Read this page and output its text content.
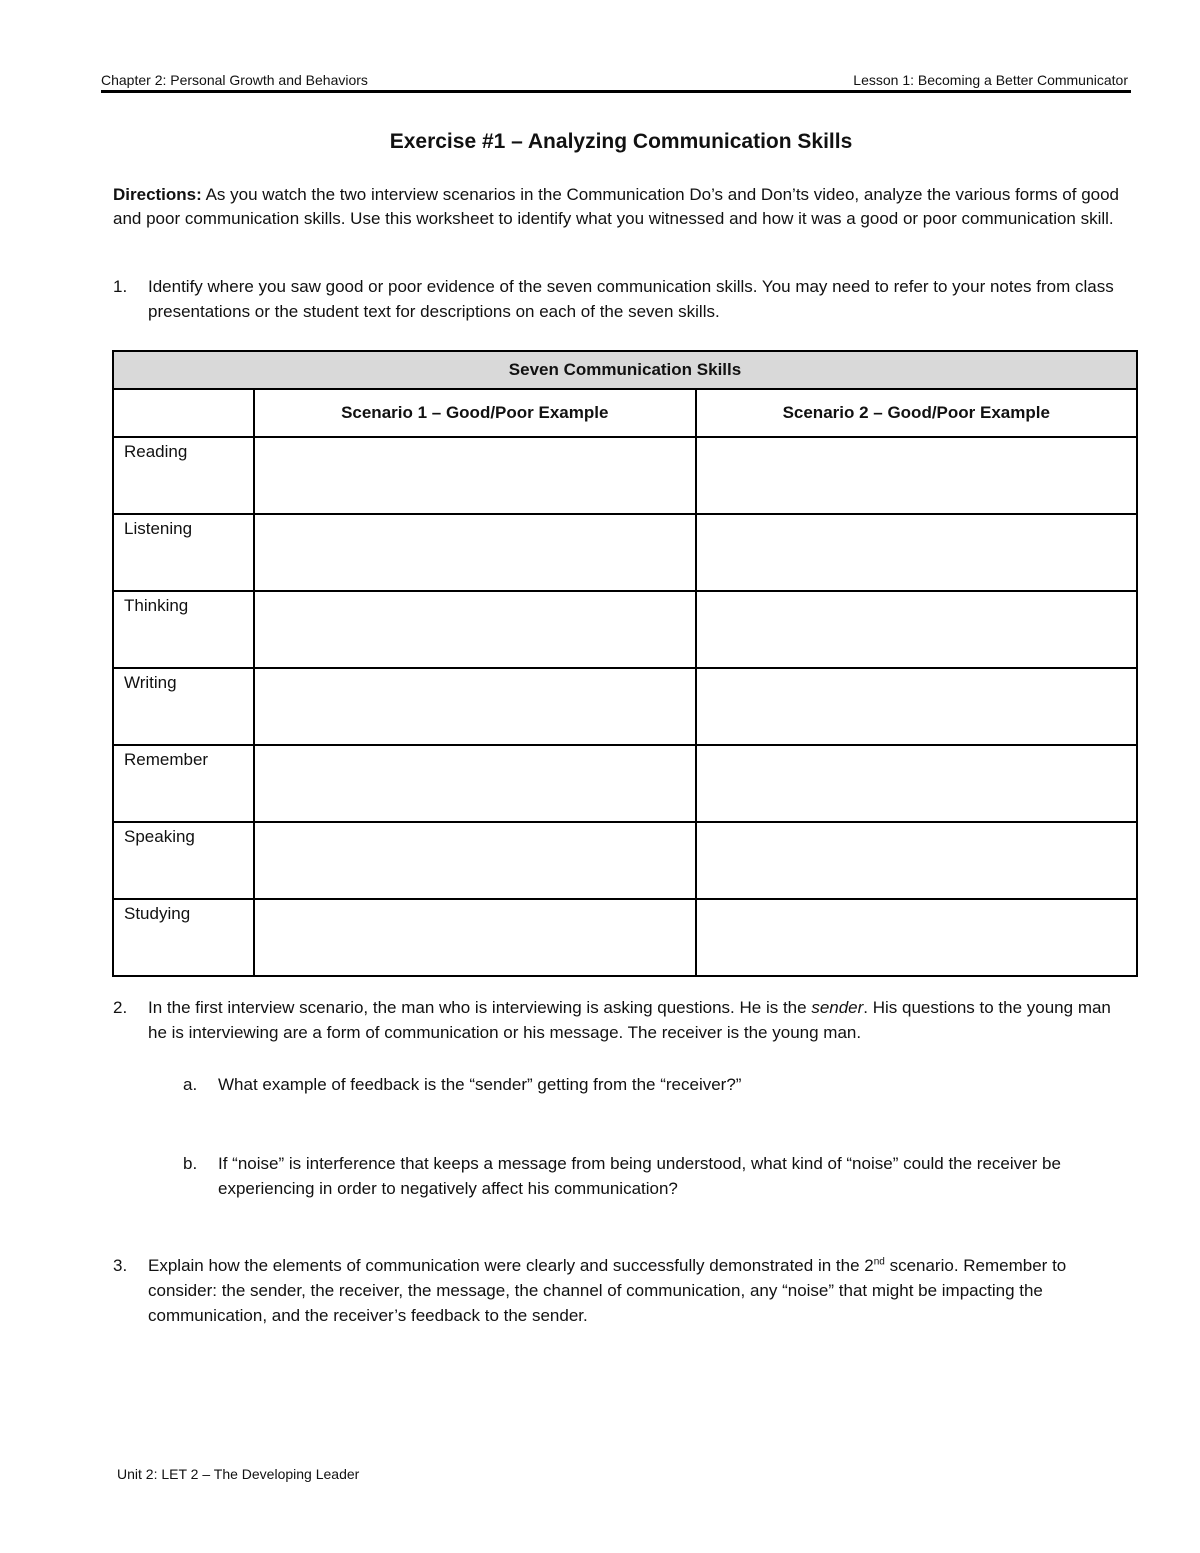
Chapter 2: Personal Growth and Behaviors	Lesson 1: Becoming a Better Communicator
Exercise #1 – Analyzing Communication Skills
Directions: As you watch the two interview scenarios in the Communication Do’s and Don’ts video, analyze the various forms of good and poor communication skills. Use this worksheet to identify what you witnessed and how it was a good or poor communication skill.
1. Identify where you saw good or poor evidence of the seven communication skills. You may need to refer to your notes from class presentations or the student text for descriptions on each of the seven skills.
Seven Communication Skills		
	Scenario 1 – Good/Poor Example	Scenario 2 – Good/Poor Example
Reading		
Listening		
Thinking		
Writing		
Remember		
Speaking		
Studying		
2. In the first interview scenario, the man who is interviewing is asking questions. He is the sender. His questions to the young man he is interviewing are a form of communication or his message. The receiver is the young man.
a. What example of feedback is the “sender” getting from the “receiver?”
b. If “noise” is interference that keeps a message from being understood, what kind of “noise” could the receiver be experiencing in order to negatively affect his communication?
3. Explain how the elements of communication were clearly and successfully demonstrated in the 2nd scenario. Remember to consider: the sender, the receiver, the message, the channel of communication, any “noise” that might be impacting the communication, and the receiver’s feedback to the sender.
Unit 2: LET 2 – The Developing Leader
